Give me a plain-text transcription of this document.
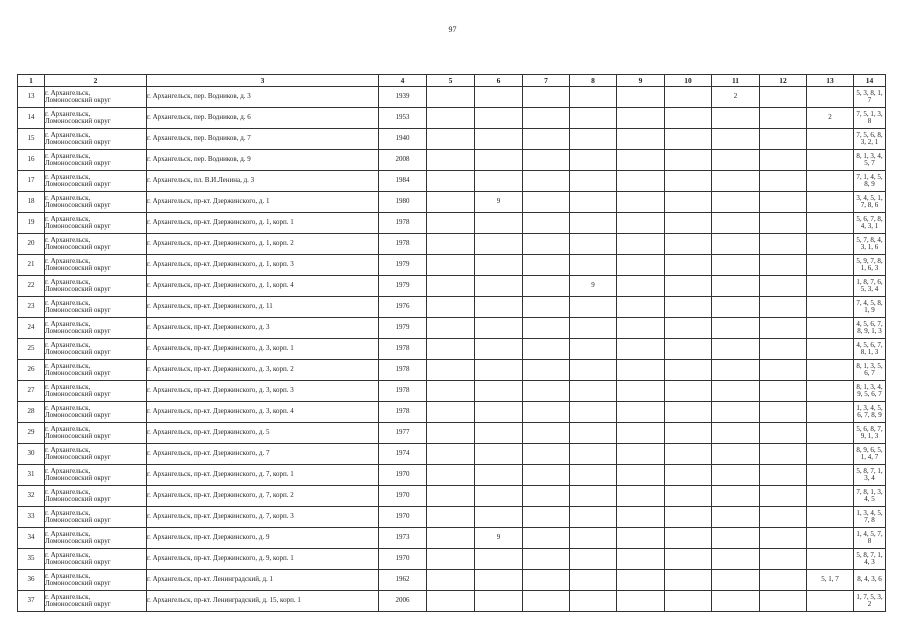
97
1	2	3	4	5	6	7	8	9	10	11	12	13	14
13	г. Архангельск,
Ломоносовский округ	г. Архангельск, пер. Водников, д. 3	1939							2			5, 3, 8, 1, 7
14	г. Архангельск,
Ломоносовский округ	г. Архангельск, пер. Водников, д. 6	1953									2	7, 5, 1, 3, 8
15	г. Архангельск,
Ломоносовский округ	г. Архангельск, пер. Водников, д. 7	1940										7, 5, 6, 8, 3, 2, 1
16	г. Архангельск,
Ломоносовский округ	г. Архангельск, пер. Водников, д. 9	2008										8, 1, 3, 4, 5, 7
17	г. Архангельск,
Ломоносовский округ	г. Архангельск, пл. В.И.Ленина, д. 3	1984										7, 1, 4, 5, 8, 9
18	г. Архангельск,
Ломоносовский округ	г. Архангельск, пр-кт. Дзержинского, д. 1	1980		9								3, 4, 5, 1, 7, 8, 6
19	г. Архангельск,
Ломоносовский округ	г. Архангельск, пр-кт. Дзержинского, д. 1, корп. 1	1978										5, 6, 7, 8, 4, 3, 1
20	г. Архангельск,
Ломоносовский округ	г. Архангельск, пр-кт. Дзержинского, д. 1, корп. 2	1978										5, 7, 8, 4, 3, 1, 6
21	г. Архангельск,
Ломоносовский округ	г. Архангельск, пр-кт. Дзержинского, д. 1, корп. 3	1979										5, 9, 7, 8, 1, 6, 3
22	г. Архангельск,
Ломоносовский округ	г. Архангельск, пр-кт. Дзержинского, д. 1, корп. 4	1979				9						1, 8, 7, 6, 5, 3, 4
23	г. Архангельск,
Ломоносовский округ	г. Архангельск, пр-кт. Дзержинского, д. 11	1976										7, 4, 5, 8, 1, 9
24	г. Архангельск,
Ломоносовский округ	г. Архангельск, пр-кт. Дзержинского, д. 3	1979										4, 5, 6, 7, 8, 9, 1, 3
25	г. Архангельск,
Ломоносовский округ	г. Архангельск, пр-кт. Дзержинского, д. 3, корп. 1	1978										4, 5, 6, 7, 8, 1, 3
26	г. Архангельск,
Ломоносовский округ	г. Архангельск, пр-кт. Дзержинского, д. 3, корп. 2	1978										8, 1, 3, 5, 6, 7
27	г. Архангельск,
Ломоносовский округ	г. Архангельск, пр-кт. Дзержинского, д. 3, корп. 3	1978										8, 1, 3, 4, 9, 5, 6, 7
28	г. Архангельск,
Ломоносовский округ	г. Архангельск, пр-кт. Дзержинского, д. 3, корп. 4	1978										1, 3, 4, 5, 6, 7, 8, 9
29	г. Архангельск,
Ломоносовский округ	г. Архангельск, пр-кт. Дзержинского, д. 5	1977										5, 6, 8, 7, 9, 1, 3
30	г. Архангельск,
Ломоносовский округ	г. Архангельск, пр-кт. Дзержинского, д. 7	1974										8, 9, 6, 5, 1, 4, 7
31	г. Архангельск,
Ломоносовский округ	г. Архангельск, пр-кт. Дзержинского, д. 7, корп. 1	1970										5, 8, 7, 1, 3, 4
32	г. Архангельск,
Ломоносовский округ	г. Архангельск, пр-кт. Дзержинского, д. 7, корп. 2	1970										7, 8, 1, 3, 4, 5
33	г. Архангельск,
Ломоносовский округ	г. Архангельск, пр-кт. Дзержинского, д. 7, корп. 3	1970										1, 3, 4, 5, 7, 8
34	г. Архангельск,
Ломоносовский округ	г. Архангельск, пр-кт. Дзержинского, д. 9	1973		9								1, 4, 5, 7, 8
35	г. Архангельск,
Ломоносовский округ	г. Архангельск, пр-кт. Дзержинского, д. 9, корп. 1	1970										5, 8, 7, 1, 4, 3
36	г. Архангельск,
Ломоносовский округ	г. Архангельск, пр-кт. Ленинградский, д. 1	1962									5, 1, 7	8, 4, 3, 6
37	г. Архангельск,
Ломоносовский округ	г. Архангельск, пр-кт. Ленинградский, д. 15, корп. 1	2006										1, 7, 5, 3, 2
